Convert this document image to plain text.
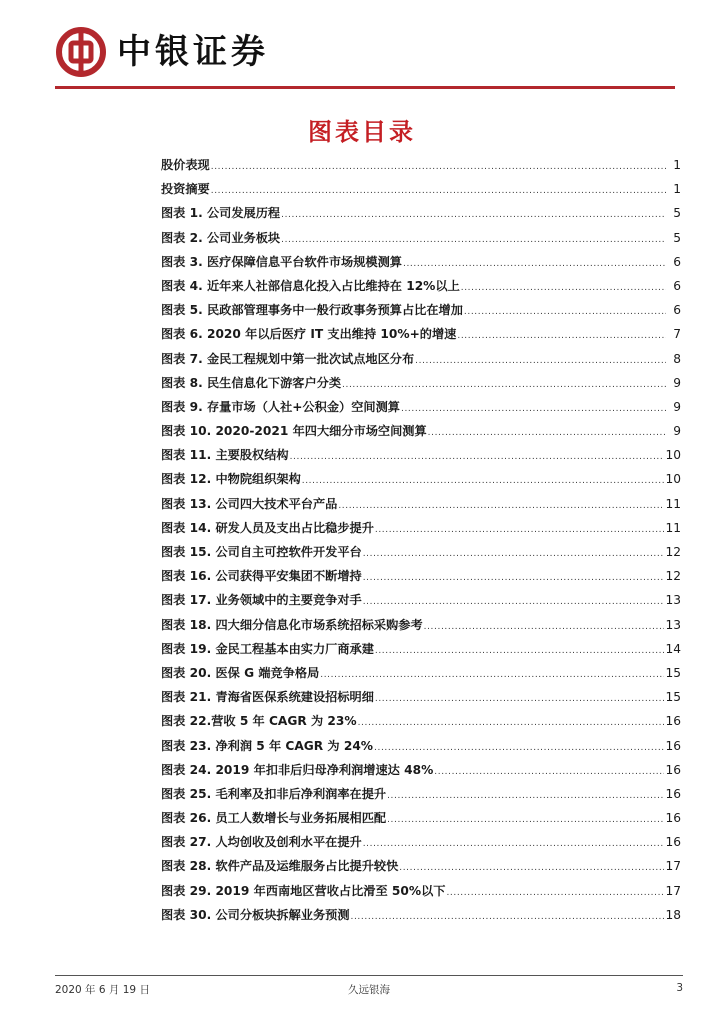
中银证券
图表目录
股价表现 .....	1
投资摘要 .....	1
图表 1. 公司发展历程 .....	5
图表 2. 公司业务板块 .....	5
图表 3. 医疗保障信息平台软件市场规模测算 .....	6
图表 4. 近年来人社部信息化投入占比维持在 12%以上 .....	6
图表 5. 民政部管理事务中一般行政事务预算占比在增加 .....	6
图表 6. 2020 年以后医疗 IT 支出维持 10%+的增速 .....	7
图表 7. 金民工程规划中第一批次试点地区分布 .....	8
图表 8. 民生信息化下游客户分类 .....	9
图表 9. 存量市场（人社+公积金）空间测算 .....	9
图表 10. 2020-2021 年四大细分市场空间测算 .....	9
图表 11. 主要股权结构 .....	10
图表 12. 中物院组织架构 .....	10
图表 13. 公司四大技术平台产品 .....	11
图表 14. 研发人员及支出占比稳步提升 .....	11
图表 15. 公司自主可控软件开发平台 .....	12
图表 16. 公司获得平安集团不断增持 .....	12
图表 17. 业务领域中的主要竞争对手 .....	13
图表 18. 四大细分信息化市场系统招标采购参考 .....	13
图表 19. 金民工程基本由实力厂商承建 .....	14
图表 20. 医保 G 端竞争格局 .....	15
图表 21. 青海省医保系统建设招标明细 .....	15
图表 22.营收 5 年 CAGR 为 23% .....	16
图表 23. 净利润 5 年 CAGR 为 24% .....	16
图表 24. 2019 年扣非后归母净利润增速达 48% .....	16
图表 25. 毛利率及扣非后净利润率在提升 .....	16
图表 26. 员工人数增长与业务拓展相匹配 .....	16
图表 27. 人均创收及创利水平在提升 .....	16
图表 28. 软件产品及运维服务占比提升较快 .....	17
图表 29. 2019 年西南地区营收占比滑至 50%以下 .....	17
图表 30. 公司分板块拆解业务预测 .....	18
2020 年 6 月 19 日	久远银海	3
